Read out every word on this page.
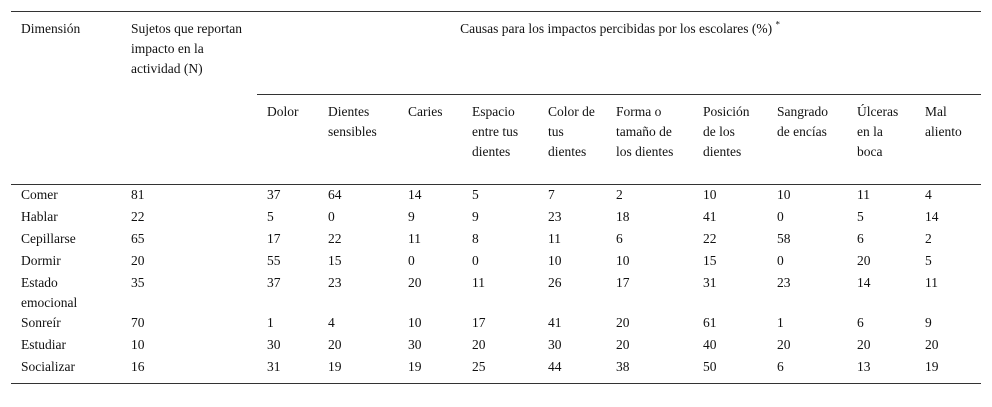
Dimensión	Sujetos que reportan impacto en la actividad (N)	Causas para los impactos percibidas por los escolares (%) *
		Dolor	Dientes sensibles	Caries	Espacio entre tus dientes	Color de tus dientes	Forma o tamaño de los dientes	Posición de los dientes	Sangrado de encías	Úlceras en la boca	Mal aliento
Comer	81	37	64	14	5	7	2	10	10	11	4
Hablar	22	5	0	9	9	23	18	41	0	5	14
Cepillarse	65	17	22	11	8	11	6	22	58	6	2
Dormir	20	55	15	0	0	10	10	15	0	20	5
Estado emocional	35	37	23	20	11	26	17	31	23	14	11
Sonreír	70	1	4	10	17	41	20	61	1	6	9
Estudiar	10	30	20	30	20	30	20	40	20	20	20
Socializar	16	31	19	19	25	44	38	50	6	13	19
